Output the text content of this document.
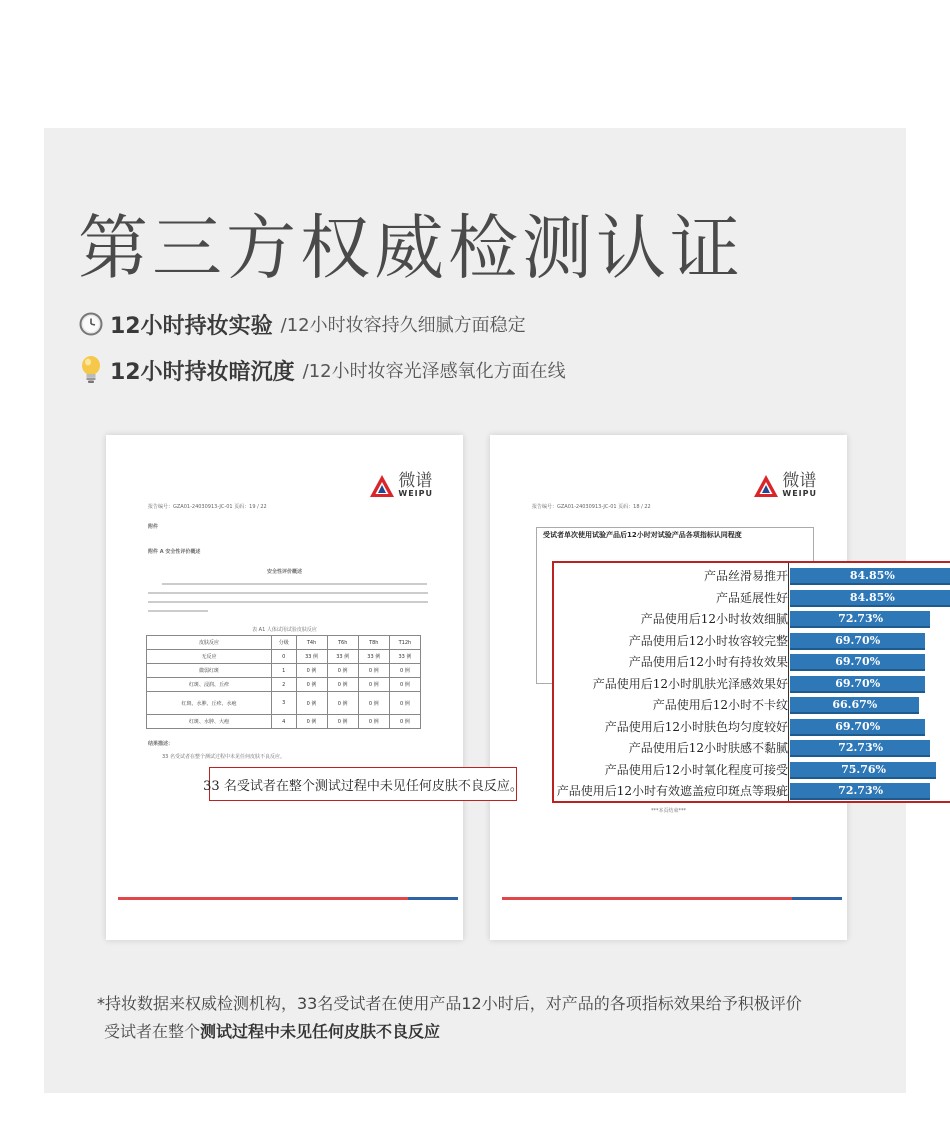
第三方权威检测认证
12小时持妆实验 /12小时妆容持久细腻方面稳定
12小时持妆暗沉度 /12小时妆容光泽感氧化方面在线
微谱
WEIPU
报告编号：GZA01-24030913-JC-01 页码：19 / 22
附件
附件 A 安全性评价概述
安全性评价概述
表 A1 人体试用试验皮肤反应
皮肤反应	分级	T4h	T6h	T8h	T12h
无反应	0	33 例	33 例	33 例	33 例
微弱红斑	1	0 例	0 例	0 例	0 例
红斑、浸润、丘疹	2	0 例	0 例	0 例	0 例
红斑、水肿、丘疹、水疱	3	0 例	0 例	0 例	0 例
红斑、水肿、大疱	4	0 例	0 例	0 例	0 例
结果描述：
33 名受试者在整个测试过程中未见任何皮肤不良反应。
微谱
WEIPU
报告编号：GZA01-24030913-JC-01 页码：18 / 22
受试者单次使用试验产品后12小时对试验产品各项指标认同程度
***本页结束***
33 名受试者在整个测试过程中未见任何皮肤不良反应。
产品丝滑易推开	84.85%
产品延展性好	84.85%
产品使用后12小时妆效细腻	72.73%
产品使用后12小时妆容较完整	69.70%
产品使用后12小时有持妆效果	69.70%
产品使用后12小时肌肤光泽感效果好	69.70%
产品使用后12小时不卡纹	66.67%
产品使用后12小时肤色均匀度较好	69.70%
产品使用后12小时肤感不黏腻	72.73%
产品使用后12小时氧化程度可接受	75.76%
产品使用后12小时有效遮盖痘印斑点等瑕疵	72.73%
*持妆数据来权威检测机构，33名受试者在使用产品12小时后，对产品的各项指标效果给予积极评价
受试者在整个测试过程中未见任何皮肤不良反应
